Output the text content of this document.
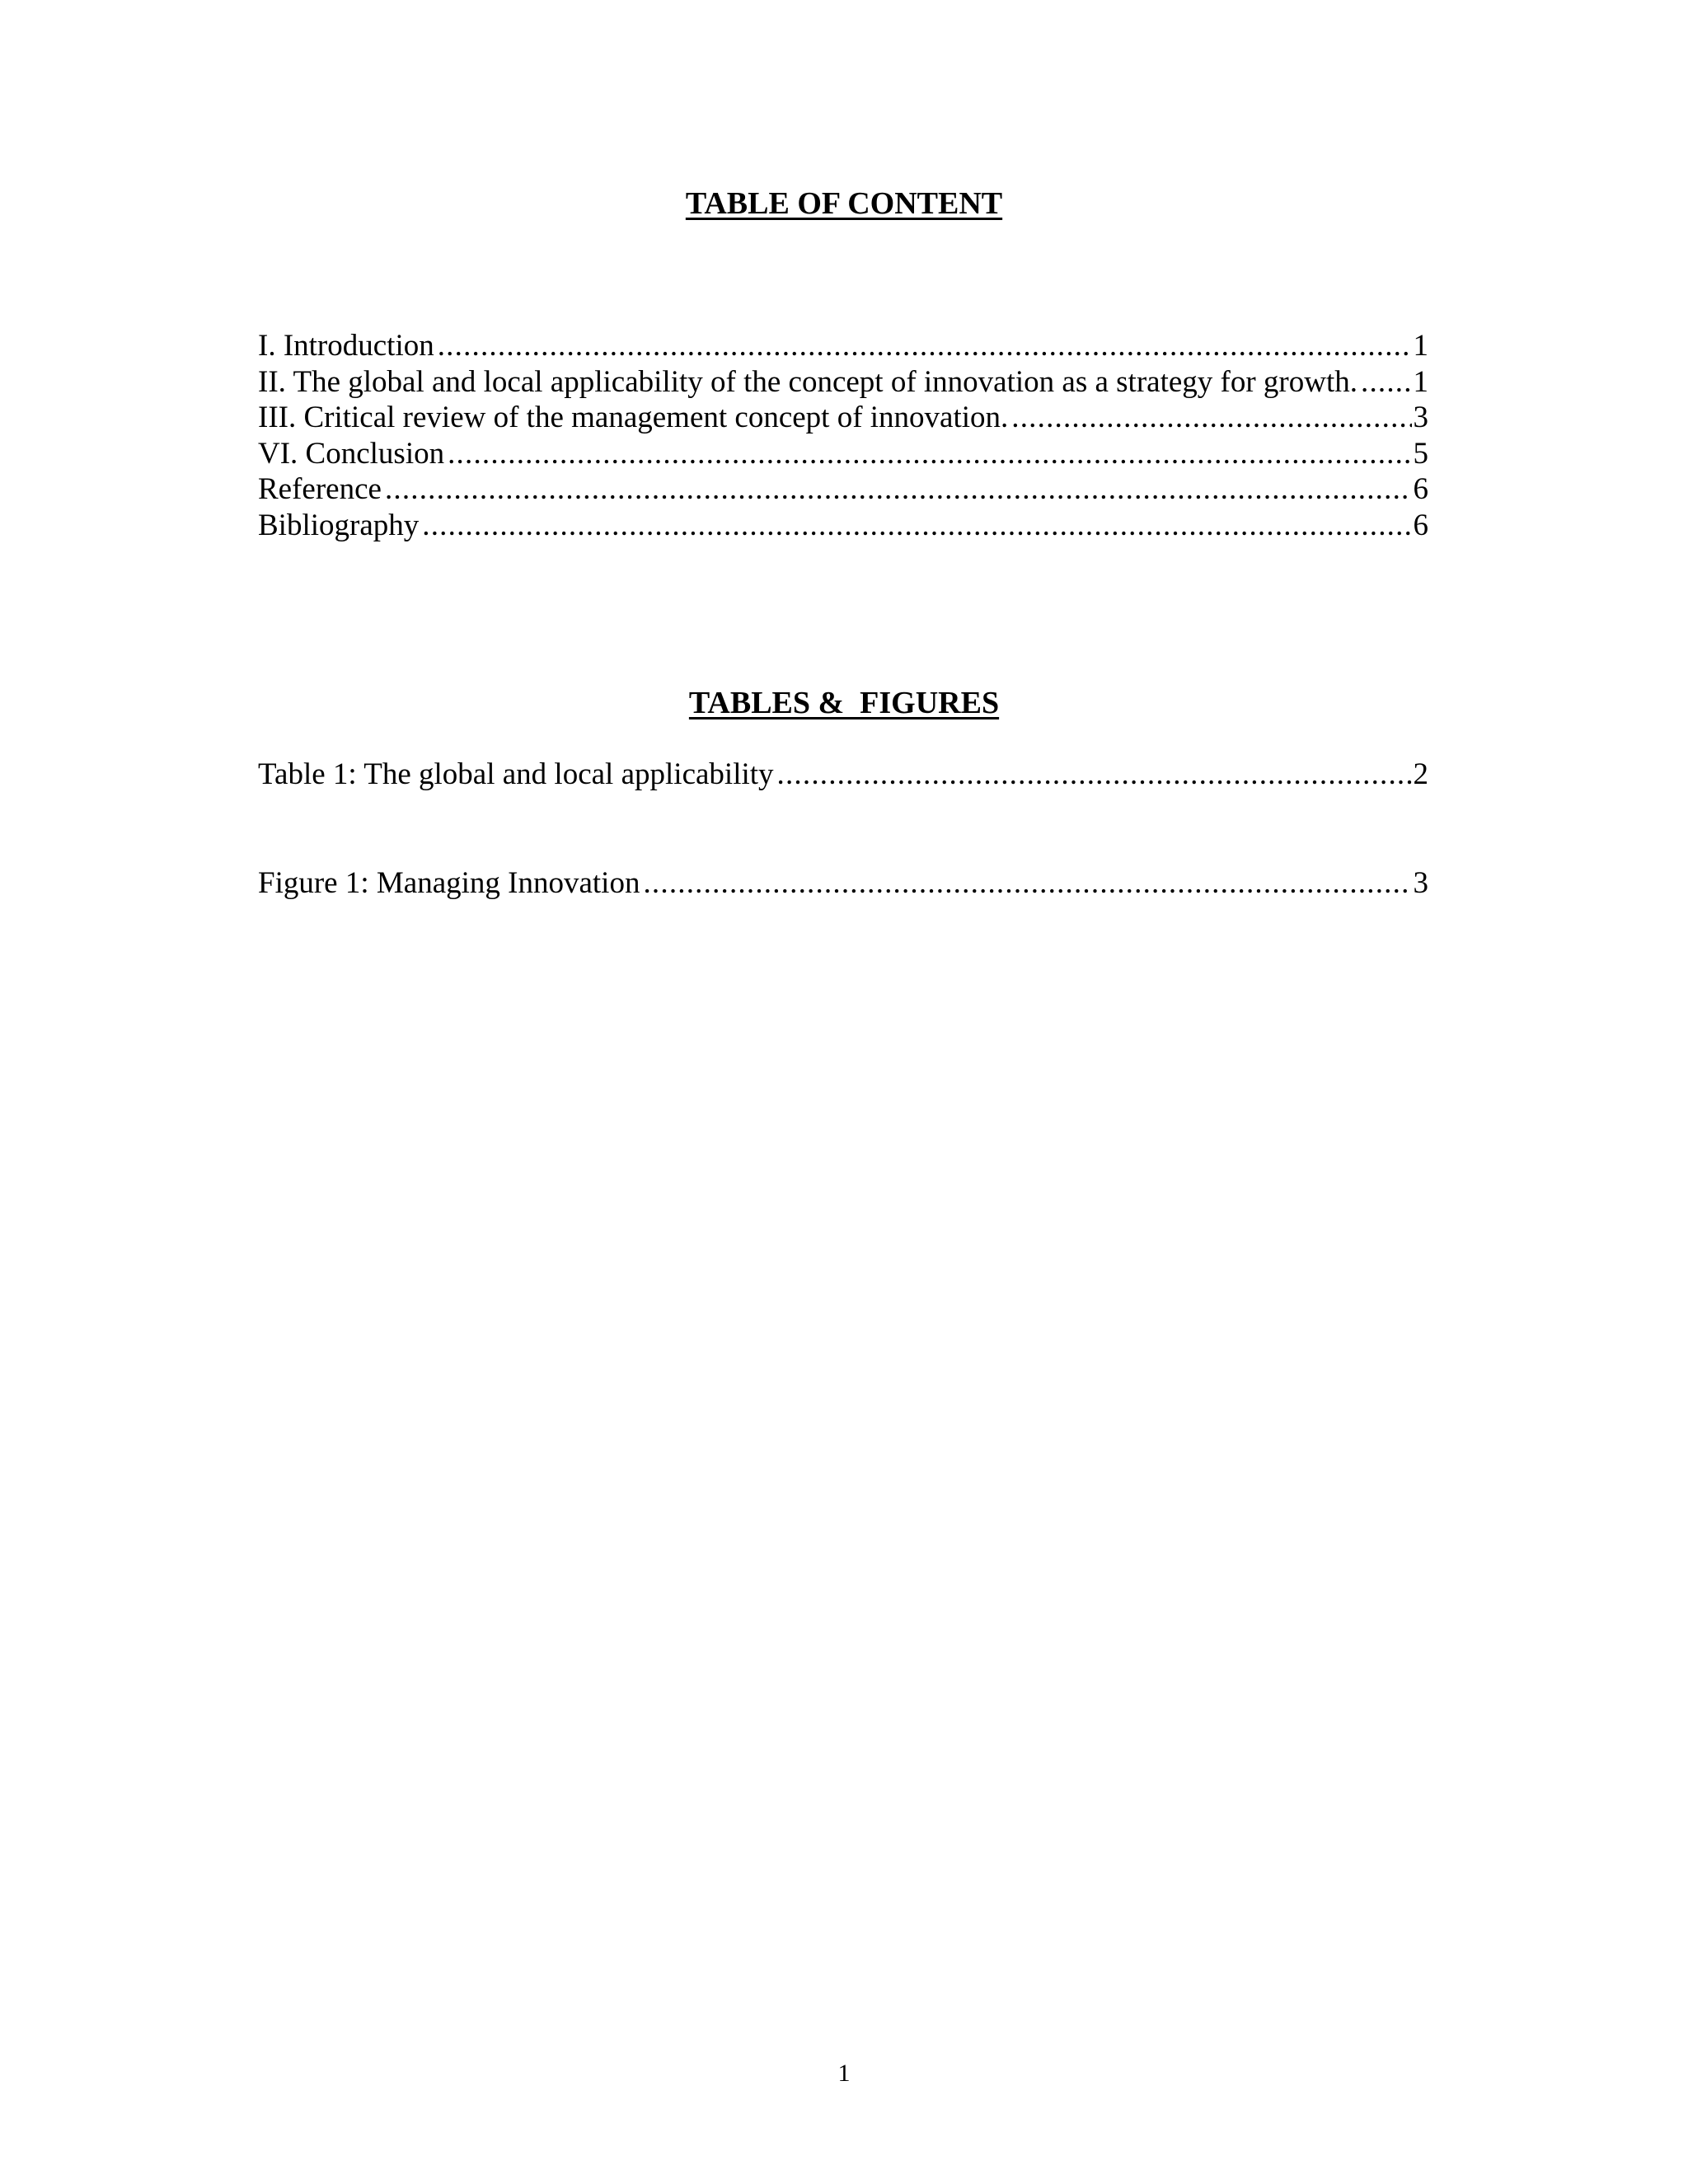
TABLE OF CONTENT
I. Introduction .....	1
II. The global and local applicability of the concept of innovation as a strategy for growth. ..... 1
III. Critical review of the management concept of innovation. .....	3
VI. Conclusion .....	5
Reference .....	6
Bibliography .....	6
TABLES &  FIGURES
Table 1: The global and local applicability .....	2
Figure 1: Managing Innovation .....	3
1
